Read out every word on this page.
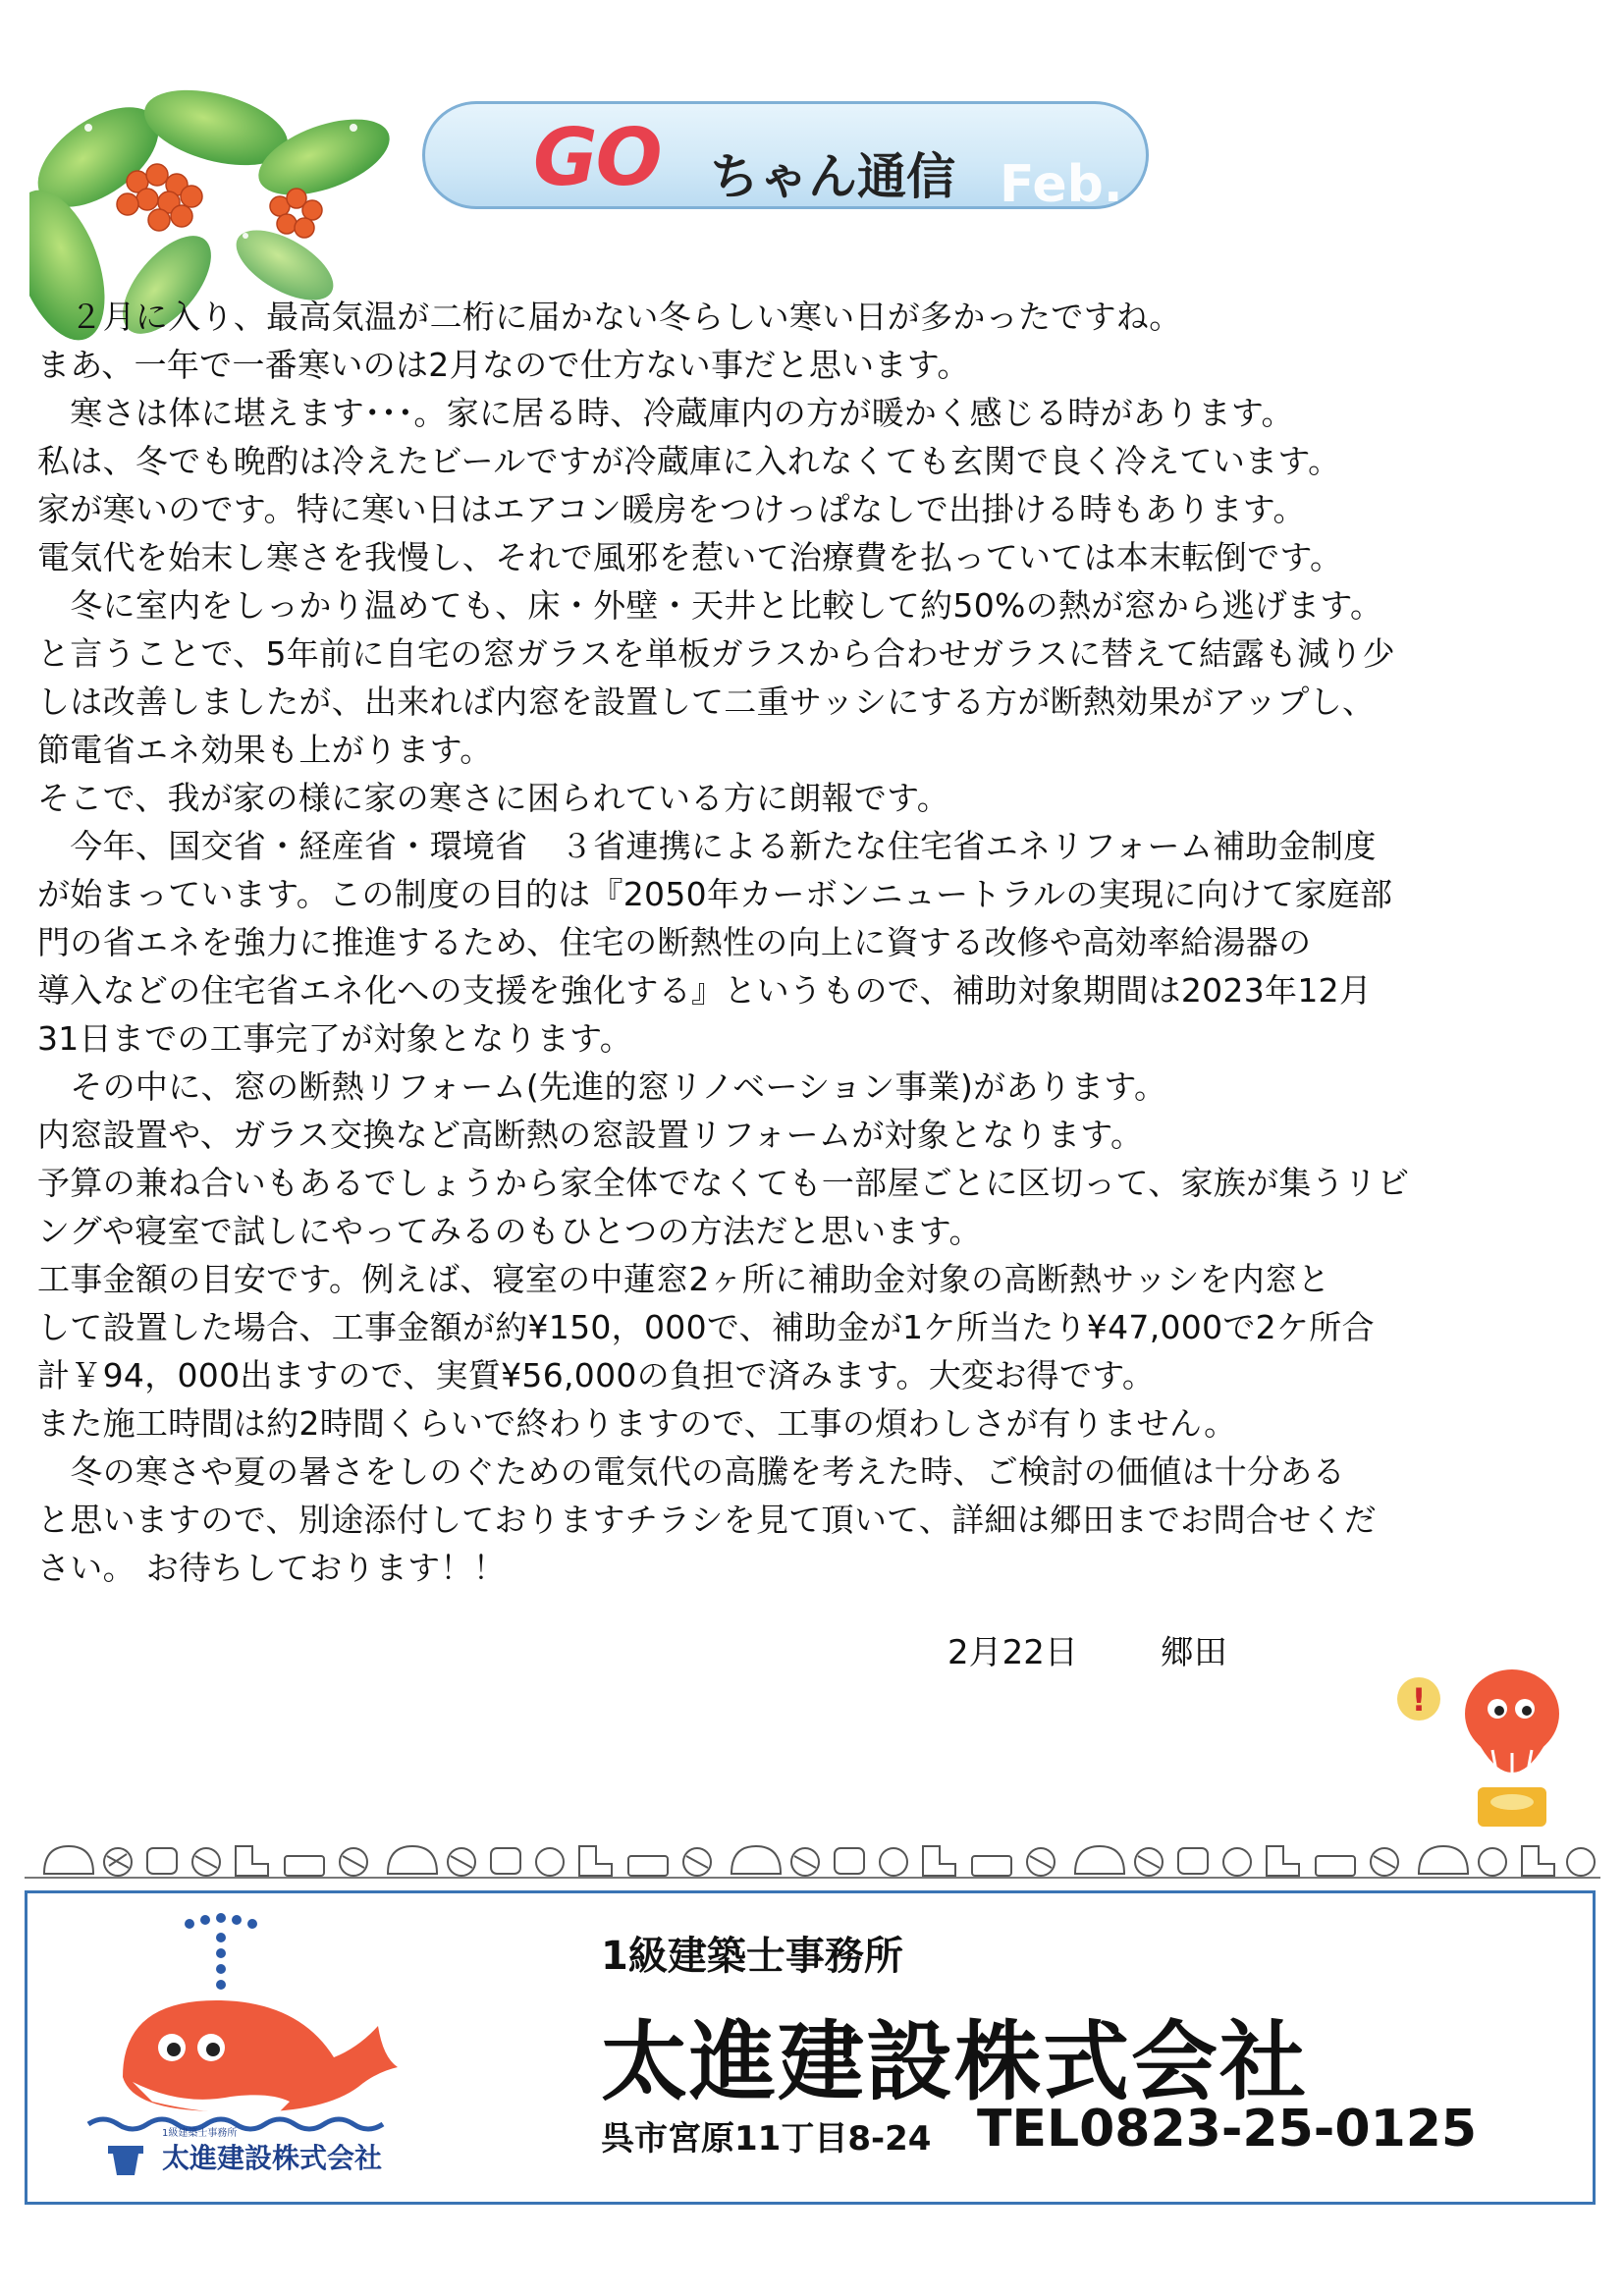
GO ちゃん通信 Feb.
　２月に入り、最高気温が二桁に届かない冬らしい寒い日が多かったですね。
まあ、一年で一番寒いのは2月なので仕方ない事だと思います。
　寒さは体に堪えます･･･。家に居る時、冷蔵庫内の方が暖かく感じる時があります。
私は、冬でも晩酌は冷えたビールですが冷蔵庫に入れなくても玄関で良く冷えています。
家が寒いのです。特に寒い日はエアコン暖房をつけっぱなしで出掛ける時もあります。
電気代を始末し寒さを我慢し、それで風邪を惹いて治療費を払っていては本末転倒です。
　冬に室内をしっかり温めても、床・外壁・天井と比較して約50%の熱が窓から逃げます。
と言うことで、5年前に自宅の窓ガラスを単板ガラスから合わせガラスに替えて結露も減り少
しは改善しましたが、出来れば内窓を設置して二重サッシにする方が断熱効果がアップし、
節電省エネ効果も上がります。
そこで、我が家の様に家の寒さに困られている方に朗報です。
　今年、国交省・経産省・環境省　３省連携による新たな住宅省エネリフォーム補助金制度
が始まっています。この制度の目的は『2050年カーボンニュートラルの実現に向けて家庭部
門の省エネを強力に推進するため、住宅の断熱性の向上に資する改修や高効率給湯器の
導入などの住宅省エネ化への支援を強化する』というもので、補助対象期間は2023年12月
31日までの工事完了が対象となります。
　その中に、窓の断熱リフォーム(先進的窓リノベーション事業)があります。
内窓設置や、ガラス交換など高断熱の窓設置リフォームが対象となります。
予算の兼ね合いもあるでしょうから家全体でなくても一部屋ごとに区切って、家族が集うリビ
ングや寝室で試しにやってみるのもひとつの方法だと思います。
工事金額の目安です。例えば、寝室の中蓮窓2ヶ所に補助金対象の高断熱サッシを内窓と
して設置した場合、工事金額が約¥150，000で、補助金が1ケ所当たり¥47,000で2ケ所合
計￥94，000出ますので、実質¥56,000の負担で済みます。大変お得です。
また施工時間は約2時間くらいで終わりますので、工事の煩わしさが有りません。
　冬の寒さや夏の暑さをしのぐための電気代の高騰を考えた時、ご検討の価値は十分ある
と思いますので、別途添付しておりますチラシを見て頂いて、詳細は郷田までお問合せくだ
さい。 お待ちしております！！
2月22日 郷田
!
1級建築士事務所
太進建設株式会社
1級建築士事務所
太進建設株式会社
呉市宮原11丁目8-24 TEL0823-25-0125
